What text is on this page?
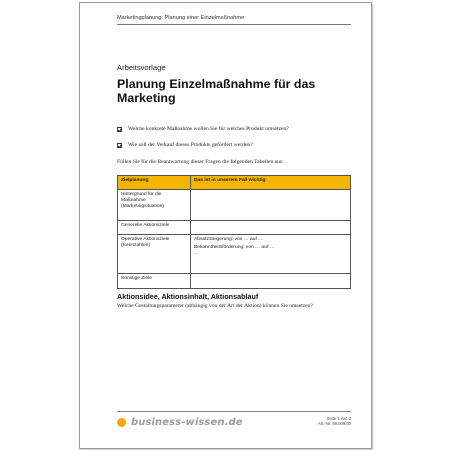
Marketingplanung: Planung einer Einzelmaßnahme
Arbeitsvorlage
Planung Einzelmaßnahme für das Marketing
Welche konkrete Maßnahme wollen Sie für welches Produkt umsetzen?
Wie soll der Verkauf dieses Produkts gefördert werden?
Füllen Sie für die Beantwortung dieser Fragen die folgenden Tabellen aus:
Zielplanung	Das ist in unserem Fall wichtig
Hintergrund für die Maßnahme (Marketingsituation)	
Generelle Aktionsziele	

Operative Aktionsziele
(Kennzahlen)	Absatzsteigerung: von … auf …
Bekanntheitsförderung: von … auf …
…

Sonstige Ziele	
Aktionsidee, Aktionsinhalt, Aktionsablauf
Welche Gestaltungsparameter (abhängig von der Art der Aktion) können Sie umsetzen?
business-wissen.de	Seite 1 von 2
Art.-Nr. 99.009.00
